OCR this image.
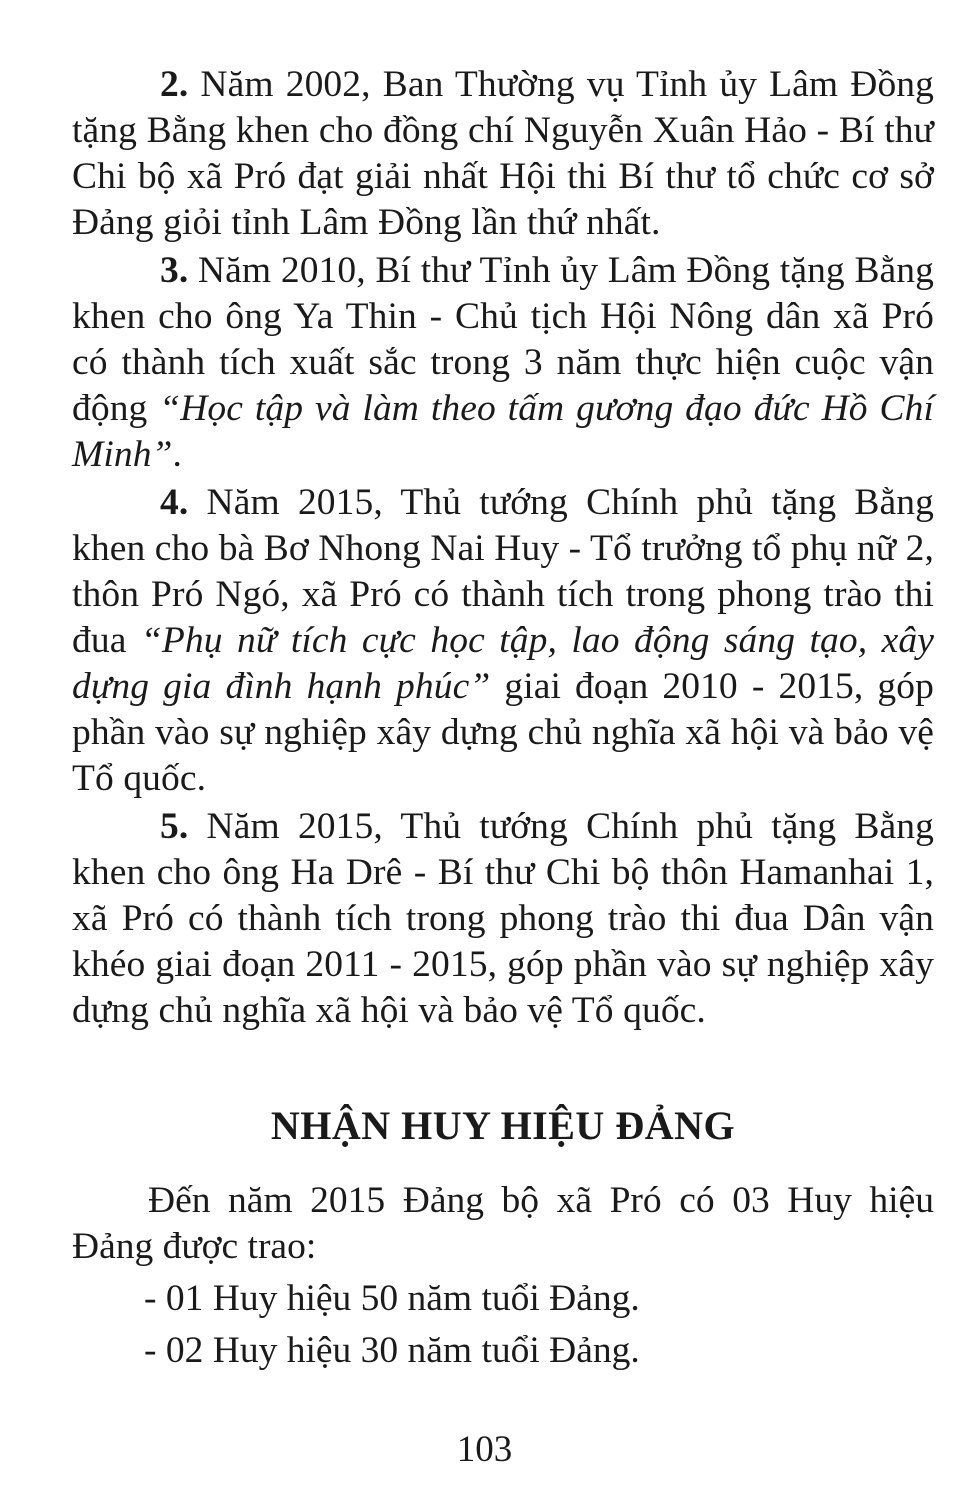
2. Năm 2002, Ban Thường vụ Tỉnh ủy Lâm Đồng tặng Bằng khen cho đồng chí Nguyễn Xuân Hảo - Bí thư Chi bộ xã Pró đạt giải nhất Hội thi Bí thư tổ chức cơ sở Đảng giỏi tỉnh Lâm Đồng lần thứ nhất.

3. Năm 2010, Bí thư Tỉnh ủy Lâm Đồng tặng Bằng khen cho ông Ya Thin - Chủ tịch Hội Nông dân xã Pró có thành tích xuất sắc trong 3 năm thực hiện cuộc vận động “Học tập và làm theo tấm gương đạo đức Hồ Chí Minh”.

4. Năm 2015, Thủ tướng Chính phủ tặng Bằng khen cho bà Bơ Nhong Nai Huy - Tổ trưởng tổ phụ nữ 2, thôn Pró Ngó, xã Pró có thành tích trong phong trào thi đua “Phụ nữ tích cực học tập, lao động sáng tạo, xây dựng gia đình hạnh phúc” giai đoạn 2010 - 2015, góp phần vào sự nghiệp xây dựng chủ nghĩa xã hội và bảo vệ Tổ quốc.

5. Năm 2015, Thủ tướng Chính phủ tặng Bằng khen cho ông Ha Drê - Bí thư Chi bộ thôn Hamanhai 1, xã Pró có thành tích trong phong trào thi đua Dân vận khéo giai đoạn 2011 - 2015, góp phần vào sự nghiệp xây dựng chủ nghĩa xã hội và bảo vệ Tổ quốc.

NHẬN HUY HIỆU ĐẢNG

Đến năm 2015 Đảng bộ xã Pró có 03 Huy hiệu Đảng được trao:

- 01 Huy hiệu 50 năm tuổi Đảng.
- 02 Huy hiệu 30 năm tuổi Đảng.
103
